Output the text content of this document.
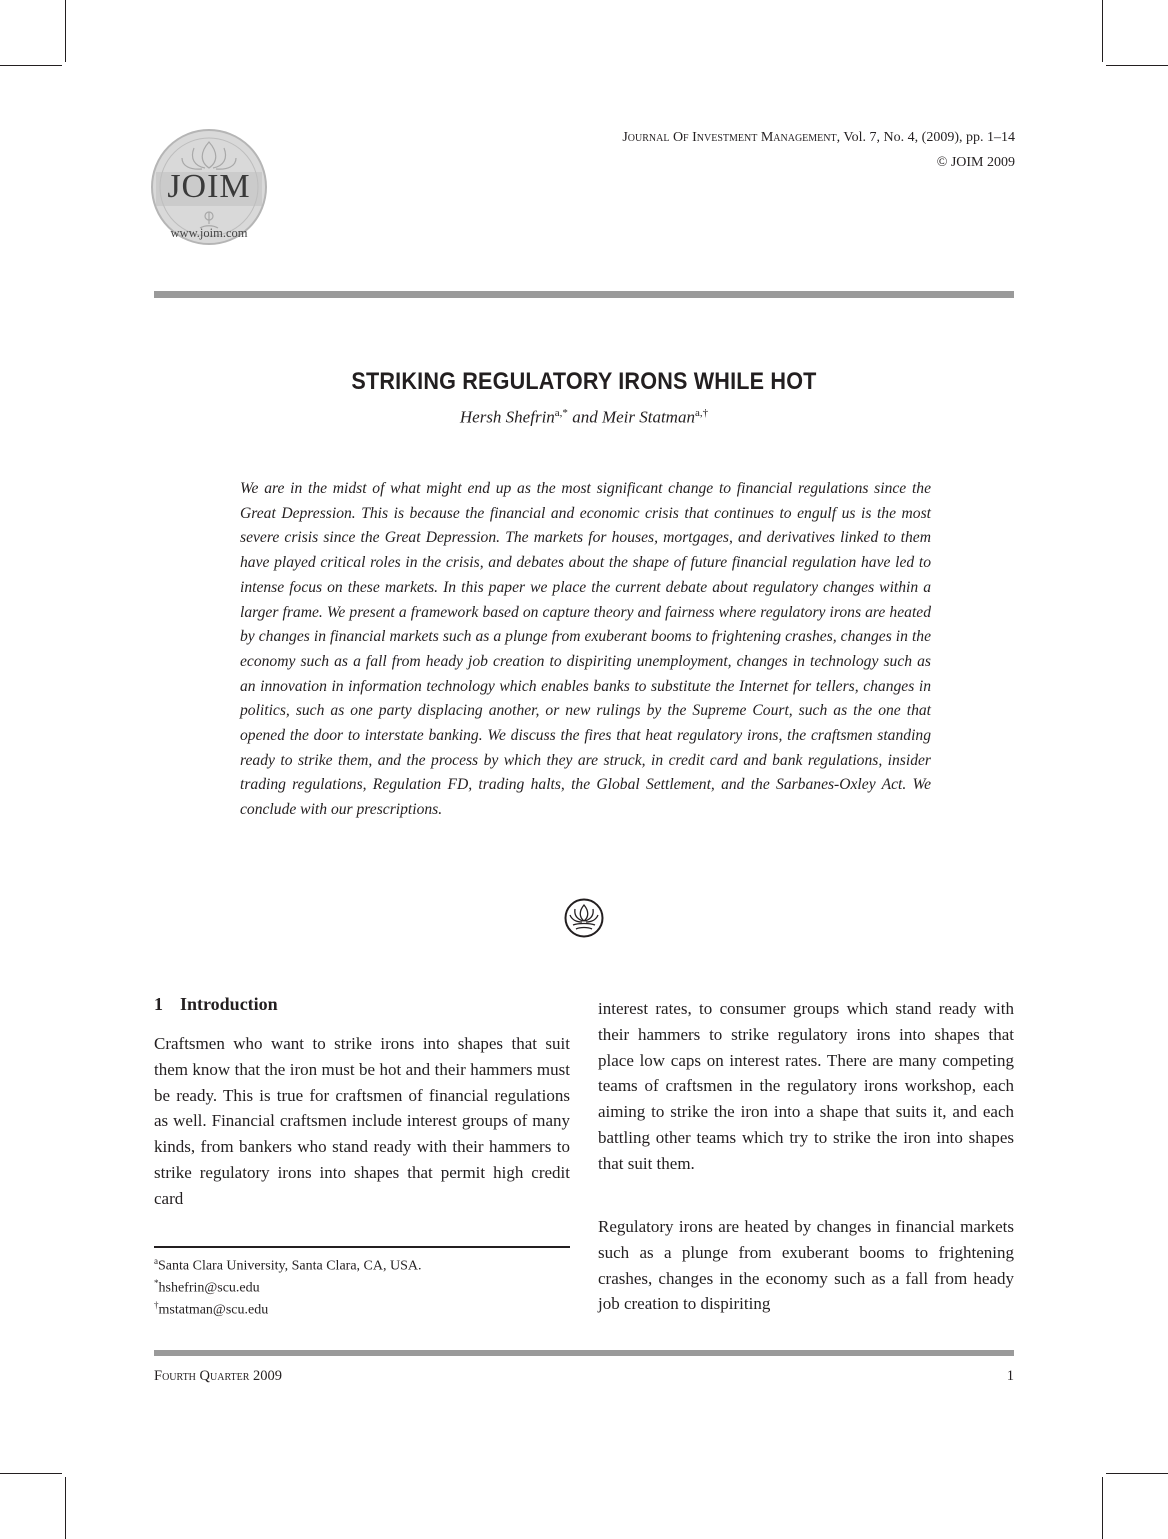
JOIM
www.joim.com
Journal Of Investment Management, Vol. 7, No. 4, (2009), pp. 1–14
© JOIM 2009
STRIKING REGULATORY IRONS WHILE HOT
Hersh Shefrin$^{a,*}$ and Meir Statman$^{a,\dagger}$

We are in the midst of what might end up as the most significant change to financial regulations since the Great Depression. This is because the financial and economic crisis that continues to engulf us is the most severe crisis since the Great Depression. The markets for houses, mortgages, and derivatives linked to them have played critical roles in the crisis, and debates about the shape of future financial regulation have led to intense focus on these markets. In this paper we place the current debate about regulatory changes within a larger frame. We present a framework based on capture theory and fairness where regulatory irons are heated by changes in financial markets such as a plunge from exuberant booms to frightening crashes, changes in the economy such as a fall from heady job creation to dispiriting unemployment, changes in technology such as an innovation in information technology which enables banks to substitute the Internet for tellers, changes in politics, such as one party displacing another, or new rulings by the Supreme Court, such as the one that opened the door to interstate banking. We discuss the fires that heat regulatory irons, the craftsmen standing ready to strike them, and the process by which they are struck, in credit card and bank regulations, insider trading regulations, Regulation FD, trading halts, the Global Settlement, and the Sarbanes-Oxley Act. We conclude with our prescriptions.

1 Introduction

Craftsmen who want to strike irons into shapes that suit them know that the iron must be hot and their hammers must be ready. This is true for craftsmen of financial regulations as well. Financial craftsmen include interest groups of many kinds, from bankers who stand ready with their hammers to strike regulatory irons into shapes that permit high credit card

interest rates, to consumer groups which stand ready with their hammers to strike regulatory irons into shapes that place low caps on interest rates. There are many competing teams of craftsmen in the regulatory irons workshop, each aiming to strike the iron into a shape that suits it, and each battling other teams which try to strike the iron into shapes that suit them.

Regulatory irons are heated by changes in financial markets such as a plunge from exuberant booms to frightening crashes, changes in the economy such as a fall from heady job creation to dispiriting

$^a$Santa Clara University, Santa Clara, CA, USA.
*hshefrin@scu.edu
†mstatman@scu.edu
Fourth Quarter 2009	1
